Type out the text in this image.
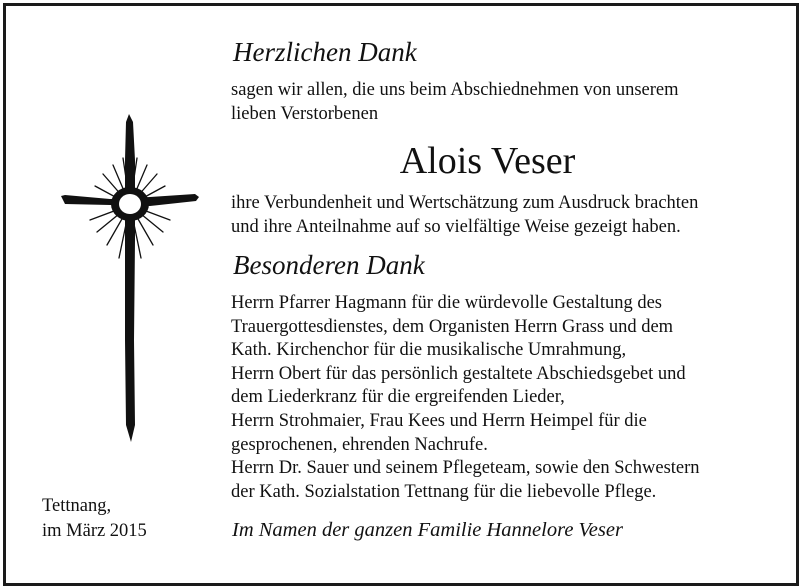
Herzlichen Dank

sagen wir allen, die uns beim Abschiednehmen von unserem
lieben Verstorbenen

Alois Veser

ihre Verbundenheit und Wertschätzung zum Ausdruck brachten
und ihre Anteilnahme auf so vielfältige Weise gezeigt haben.

Besonderen Dank

Herrn Pfarrer Hagmann für die würdevolle Gestaltung des
Trauergottesdienstes, dem Organisten Herrn Grass und dem
Kath. Kirchenchor für die musikalische Umrahmung,
Herrn Obert für das persönlich gestaltete Abschiedsgebet und
dem Liederkranz für die ergreifenden Lieder,
Herrn Strohmaier, Frau Kees und Herrn Heimpel für die
gesprochenen, ehrenden Nachrufe.
Herrn Dr. Sauer und seinem Pflegeteam, sowie den Schwestern
der Kath. Sozialstation Tettnang für die liebevolle Pflege.

Tettnang,
im März 2015	Im Namen der ganzen Familie Hannelore Veser
